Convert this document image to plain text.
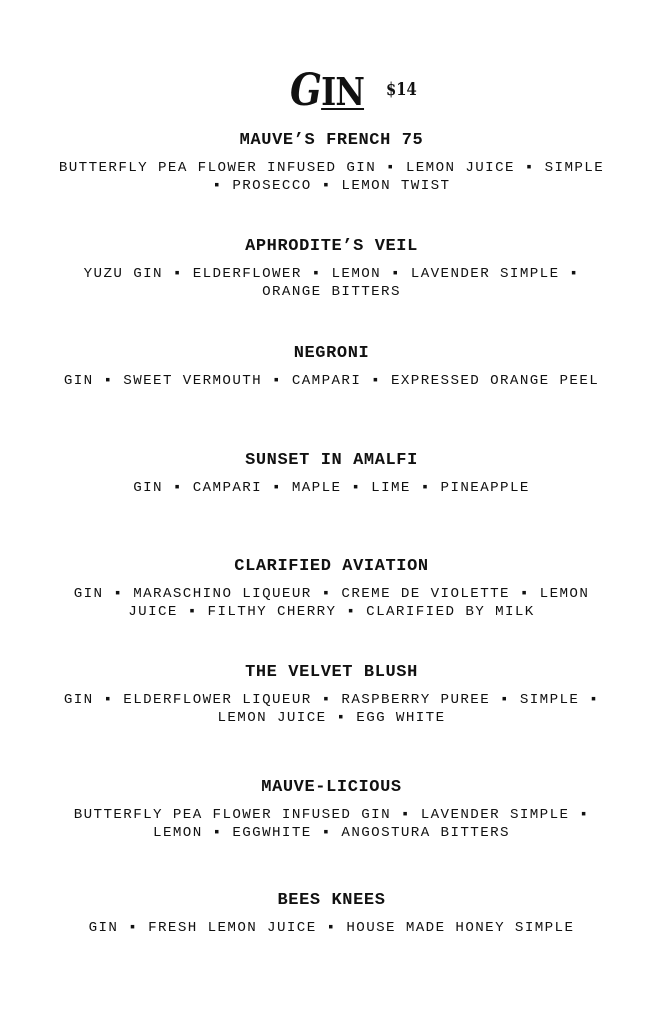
GIN $14
MAUVE’S FRENCH 75
BUTTERFLY PEA FLOWER INFUSED GIN ▪ LEMON JUICE ▪ SIMPLE ▪ PROSECCO ▪ LEMON TWIST
APHRODITE’S VEIL
YUZU GIN ▪ ELDERFLOWER ▪ LEMON ▪ LAVENDER SIMPLE ▪ ORANGE BITTERS
NEGRONI
GIN ▪ SWEET VERMOUTH ▪ CAMPARI ▪ EXPRESSED ORANGE PEEL
SUNSET IN AMALFI
GIN ▪ CAMPARI ▪ MAPLE ▪ LIME ▪ PINEAPPLE
CLARIFIED AVIATION
GIN ▪ MARASCHINO LIQUEUR ▪ CREME DE VIOLETTE ▪ LEMON JUICE ▪ FILTHY CHERRY ▪ CLARIFIED BY MILK
THE VELVET BLUSH
GIN ▪ ELDERFLOWER LIQUEUR ▪ RASPBERRY PUREE ▪ SIMPLE ▪ LEMON JUICE ▪ EGG WHITE
MAUVE-LICIOUS
BUTTERFLY PEA FLOWER INFUSED GIN ▪ LAVENDER SIMPLE ▪ LEMON ▪ EGGWHITE ▪ ANGOSTURA BITTERS
BEES KNEES
GIN ▪ FRESH LEMON JUICE ▪ HOUSE MADE HONEY SIMPLE
